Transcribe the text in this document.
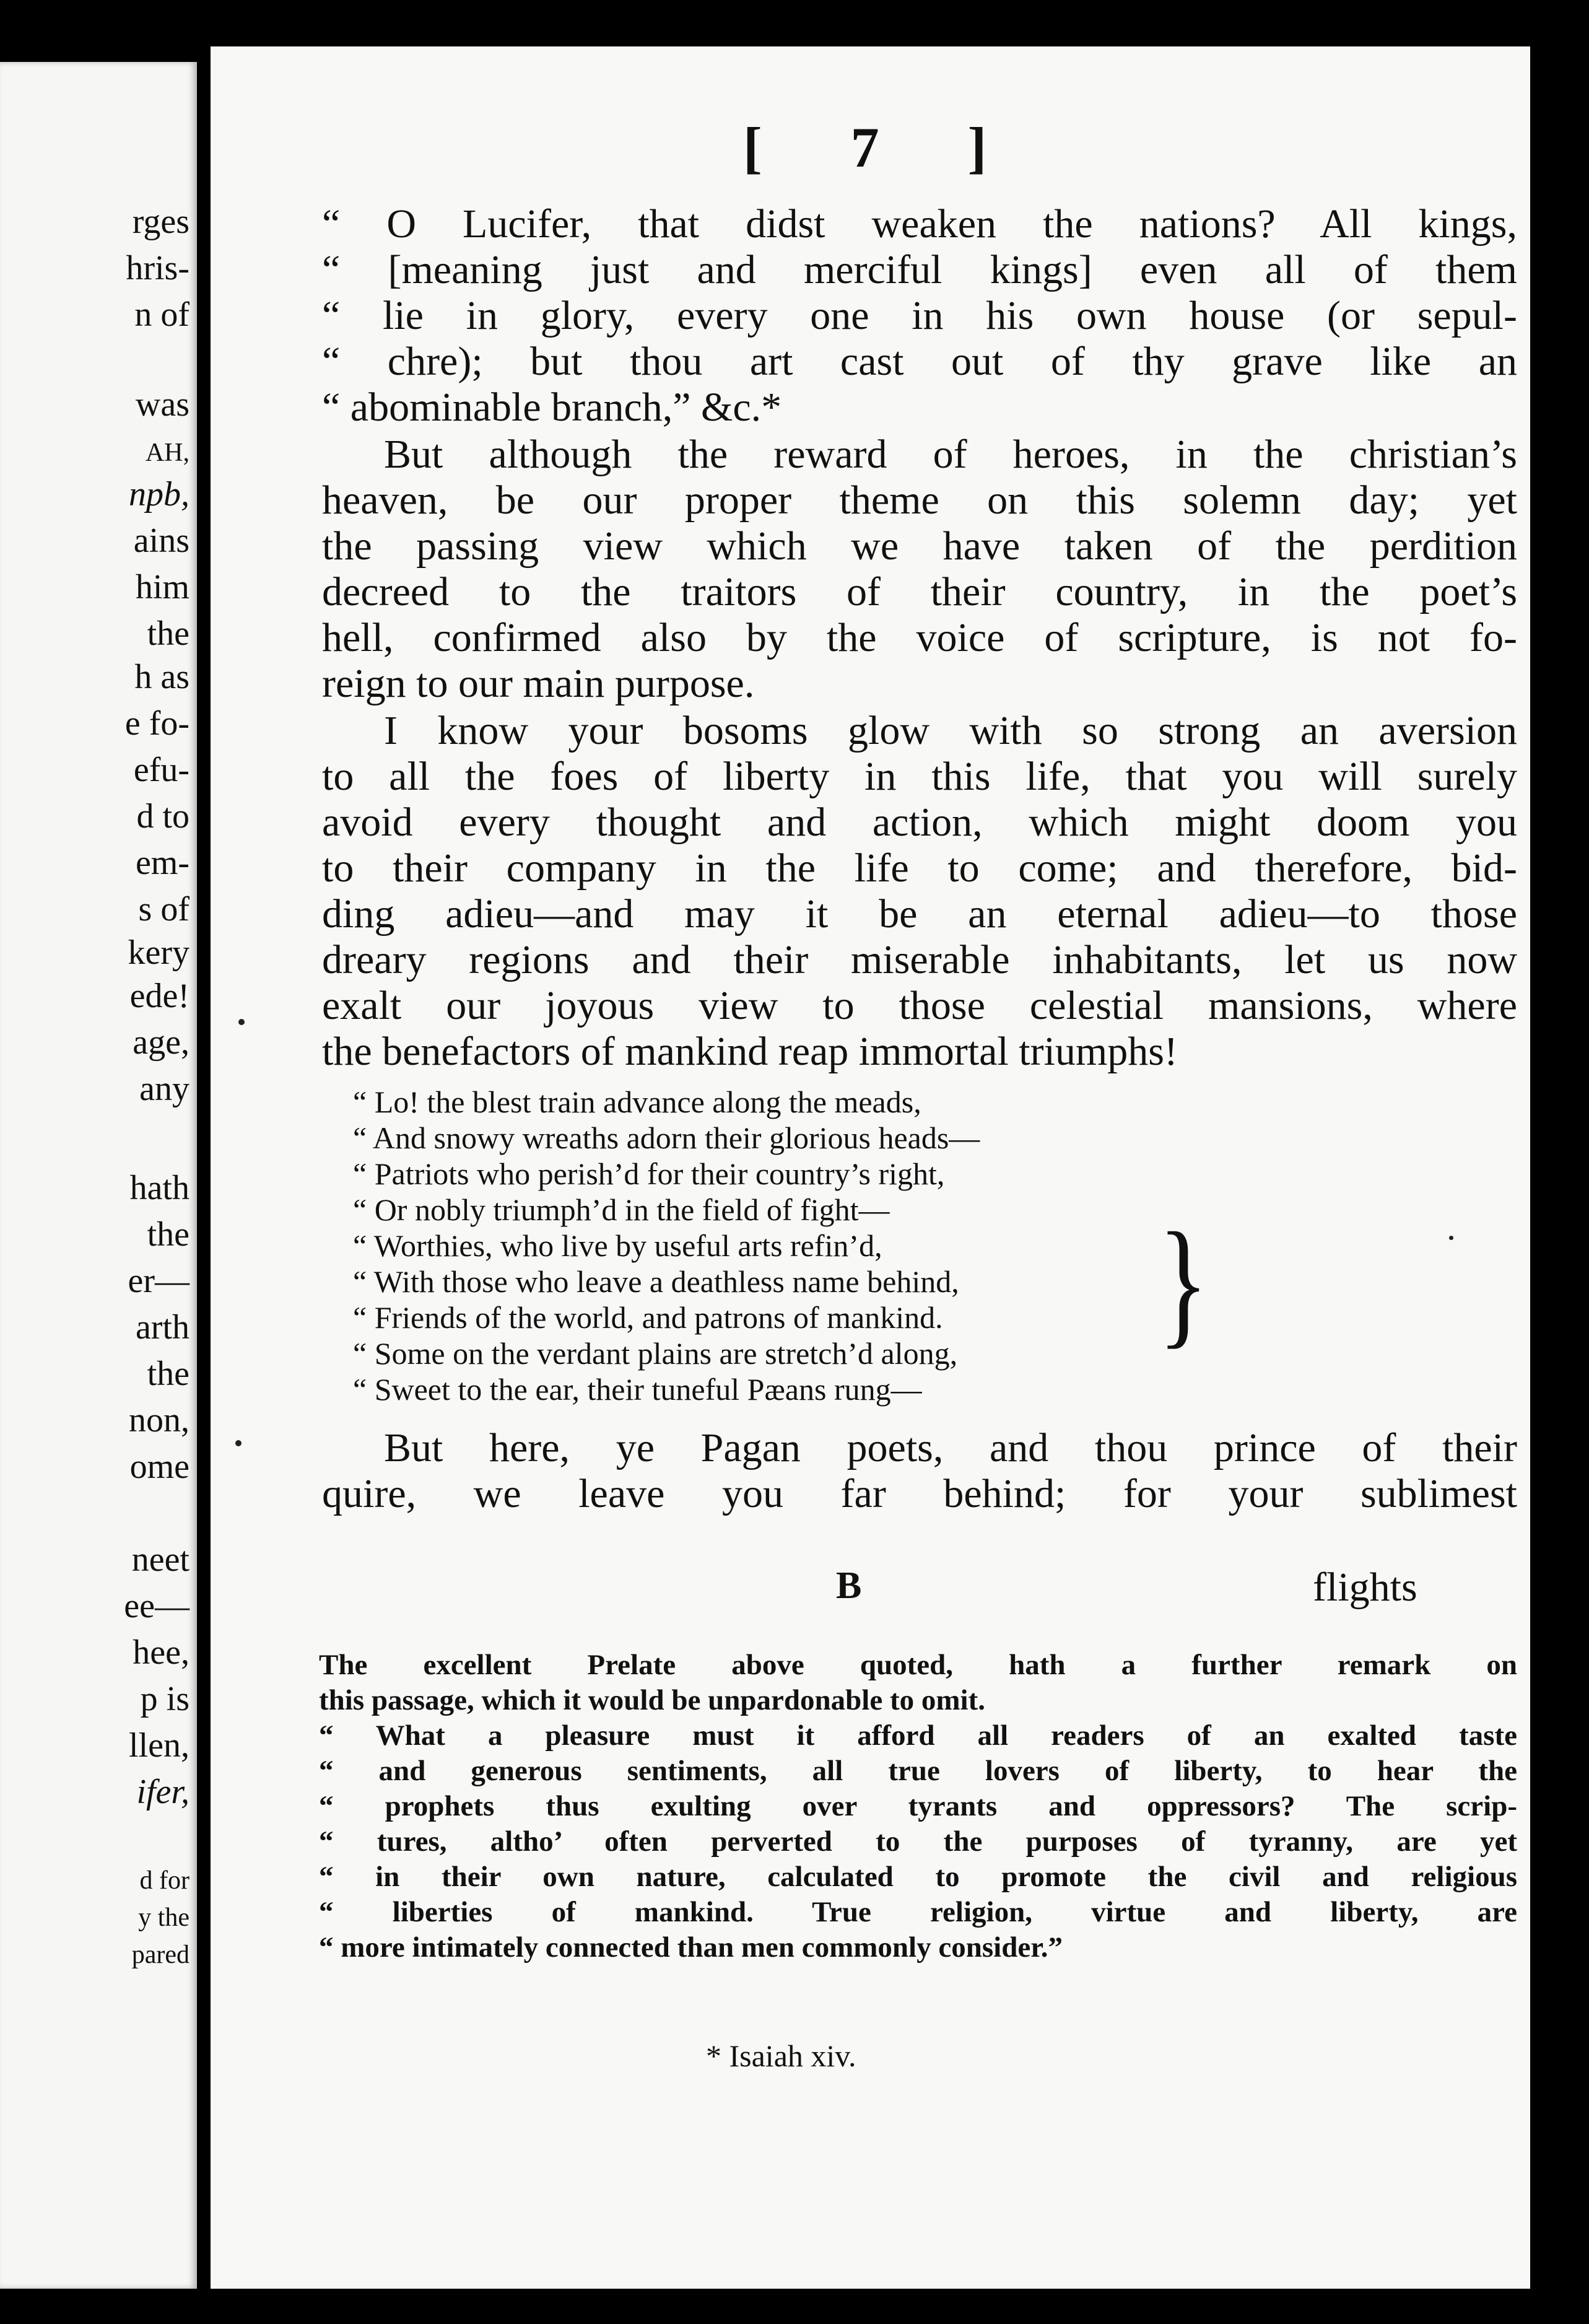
rges
hris-
n of
was
AH,
npb,
ains
him
the
h as
e fo-
efu-
d to
em-
s of
kery
ede!
age,
any
hath
the
er—
arth
the
non,
ome
neet
ee—
hee,
p is
llen,
ifer,
d for
y the
pared
[ 7 ]
“ O Lucifer, that didst weaken the nations? All kings,
“ [meaning just and merciful kings] even all of them
“ lie in glory, every one in his own house (or sepul-
“ chre); but thou art cast out of thy grave like an
“ abominable branch,” &c.*
But although the reward of heroes, in the christian’s
heaven, be our proper theme on this solemn day; yet
the passing view which we have taken of the perdition
decreed to the traitors of their country, in the poet’s
hell, confirmed also by the voice of scripture, is not fo-
reign to our main purpose.
I know your bosoms glow with so strong an aversion
to all the foes of liberty in this life, that you will surely
avoid every thought and action, which might doom you
to their company in the life to come; and therefore, bid-
ding adieu—and may it be an eternal adieu—to those
dreary regions and their miserable inhabitants, let us now
exalt our joyous view to those celestial mansions, where
the benefactors of mankind reap immortal triumphs!
“ Lo! the blest train advance along the meads,
“ And snowy wreaths adorn their glorious heads—
“ Patriots who perish’d for their country’s right,
“ Or nobly triumph’d in the field of fight—
“ Worthies, who live by useful arts refin’d,
“ With those who leave a deathless name behind,
“ Friends of the world, and patrons of mankind.
“ Some on the verdant plains are stretch’d along,
“ Sweet to the ear, their tuneful Pæans rung—
}
But here, ye Pagan poets, and thou prince of their
quire, we leave you far behind; for your sublimest
B	flights
The excellent Prelate above quoted, hath a further remark on
this passage, which it would be unpardonable to omit.
“ What a pleasure must it afford all readers of an exalted taste
“ and generous sentiments, all true lovers of liberty, to hear the
“ prophets thus exulting over tyrants and oppressors? The scrip-
“ tures, altho’ often perverted to the purposes of tyranny, are yet
“ in their own nature, calculated to promote the civil and religious
“ liberties of mankind. True religion, virtue and liberty, are
“ more intimately connected than men commonly consider.”
* Isaiah xiv.
